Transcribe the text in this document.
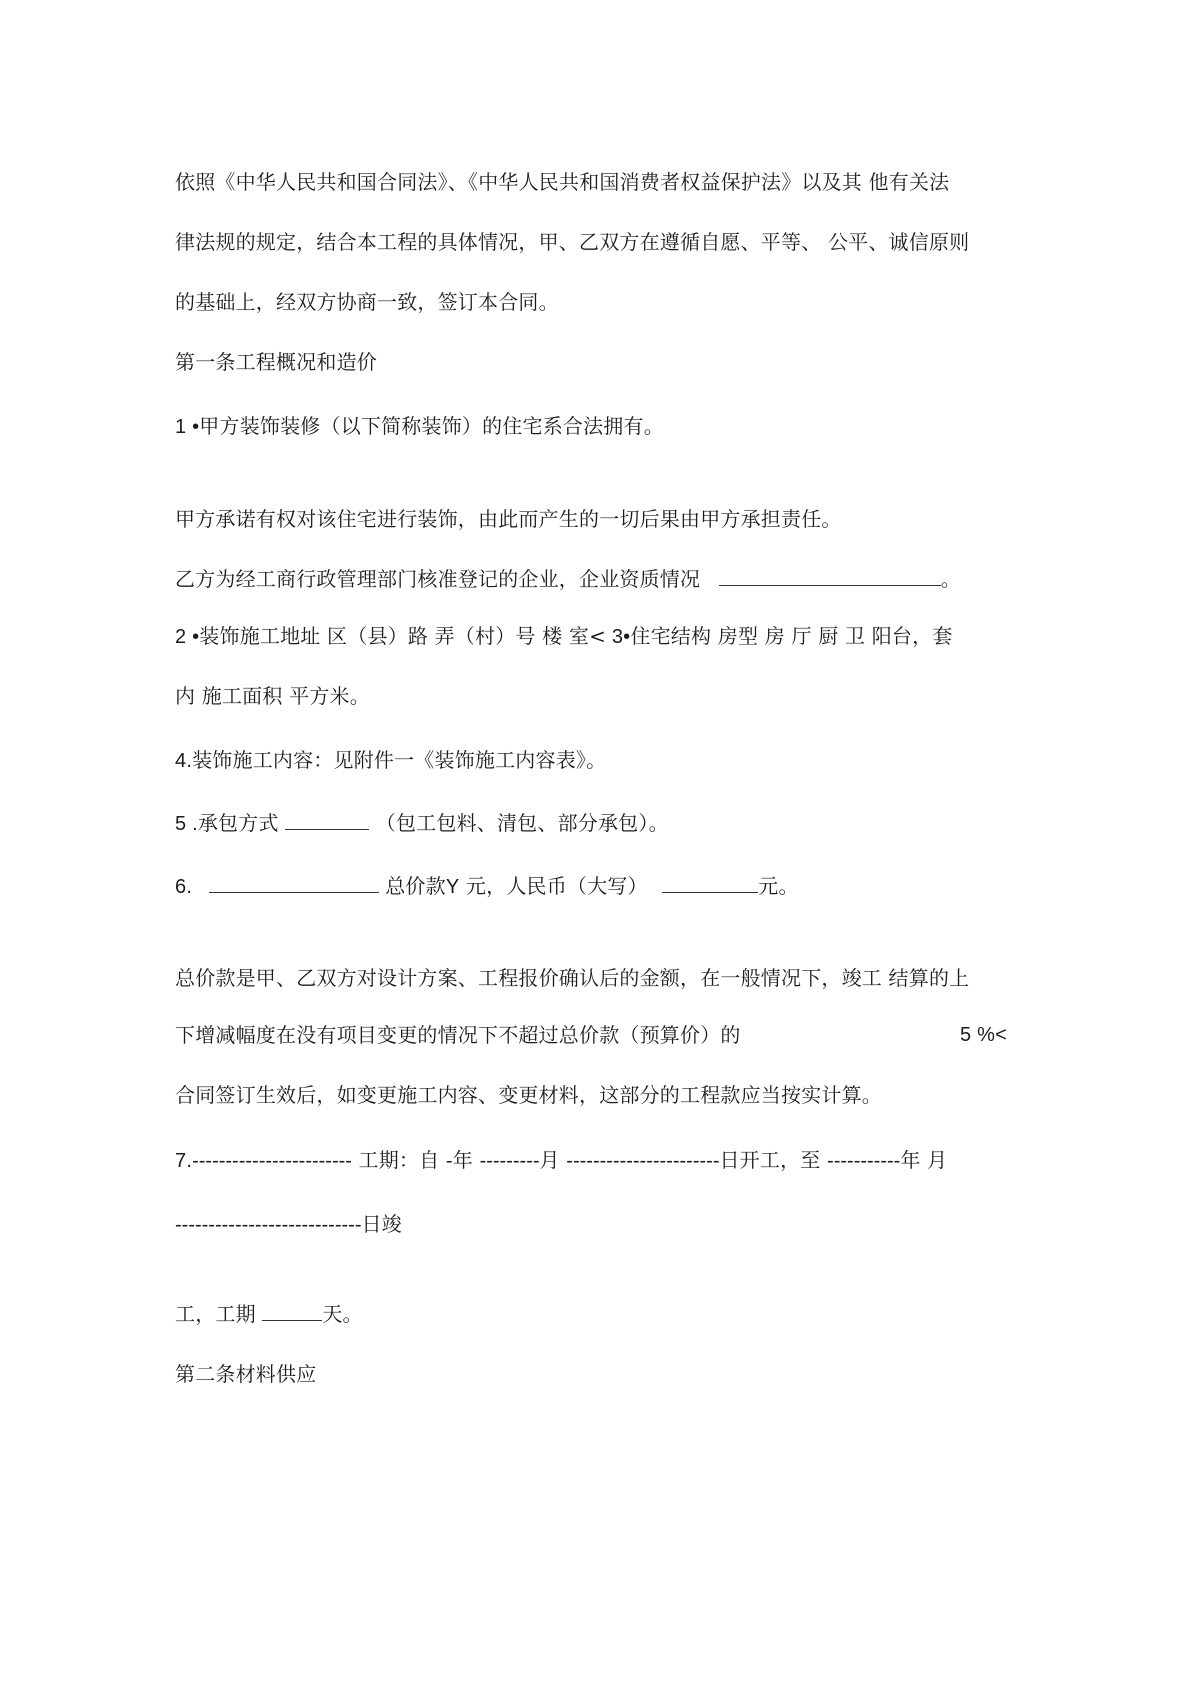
依照《中华人民共和国合同法》、《中华人民共和国消费者权益保护法》以及其 他有关法
律法规的规定，结合本工程的具体情况，甲、乙双方在遵循自愿、平等、 公平、诚信原则
的基础上，经双方协商一致，签订本合同。
第一条工程概况和造价
1 •甲方装饰装修（以下简称装饰）的住宅系合法拥有。
甲方承诺有权对该住宅进行装饰，由此而产生的一切后果由甲方承担责任。
乙方为经工商行政管理部门核准登记的企业，企业资质情况	。
2 •装饰施工地址 区（县）路 弄（村）号 楼 室< 3•住宅结构 房型 房 厅 厨 卫 阳台，套
内 施工面积 平方米。
4.装饰施工内容：见附件一《装饰施工内容表》。
5 .承包方式	（包工包料、清包、部分承包）。
6.	总价款Y 元，人民币（大写）	元。
总价款是甲、乙双方对设计方案、工程报价确认后的金额，在一般情况下，竣工 结算的上
下增减幅度在没有项目变更的情况下不超过总价款（预算价）的	5 %<
合同签订生效后，如变更施工内容、变更材料，这部分的工程款应当按实计算。
7.------------------------ 工期：自 -年 ---------月 -----------------------日开工，至 -----------年 月
----------------------------日竣
工，工期	天。
第二条材料供应
